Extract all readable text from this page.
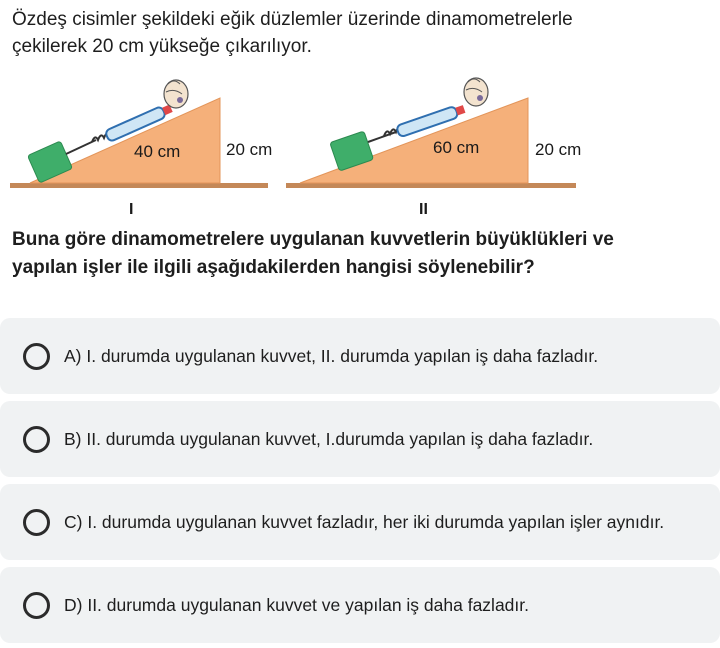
Özdeş cisimler şekildeki eğik düzlemler üzerinde dinamometrelerle çekilerek 20 cm yükseğe çıkarılıyor.
40 cm	20 cm
I
60 cm	20 cm
II
Buna göre dinamometrelere uygulanan kuvvetlerin büyüklükleri ve yapılan işler ile ilgili aşağıdakilerden hangisi söylenebilir?
A) I. durumda uygulanan kuvvet, II. durumda yapılan iş daha fazladır.
B) II. durumda uygulanan kuvvet, I.durumda yapılan iş daha fazladır.
C) I. durumda uygulanan kuvvet fazladır, her iki durumda yapılan işler aynıdır.
D) II. durumda uygulanan kuvvet ve yapılan iş daha fazladır.
